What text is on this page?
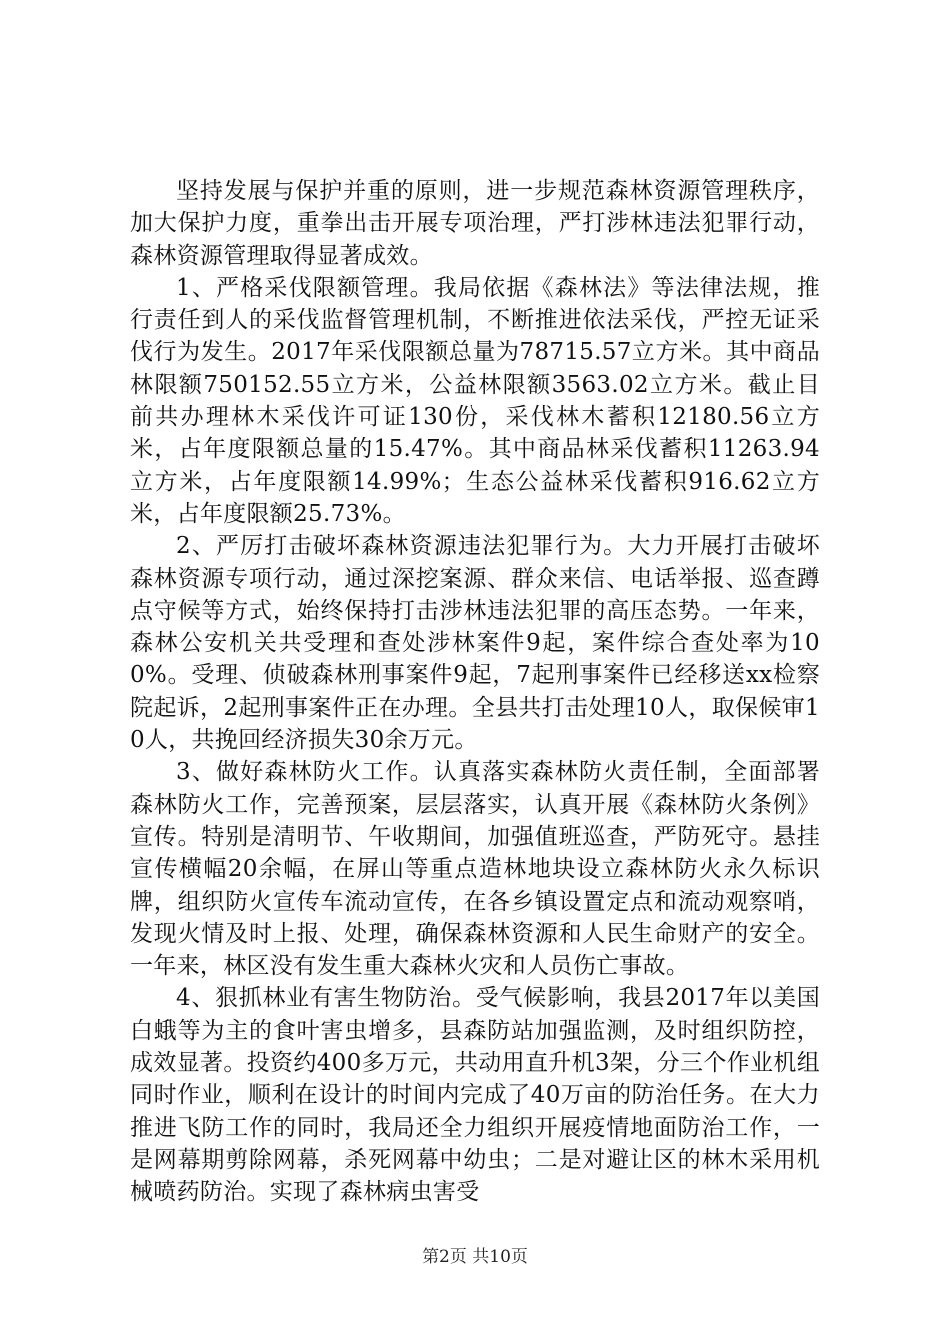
坚持发展与保护并重的原则，进一步规范森林资源管理秩序，加大保护力度，重拳出击开展专项治理，严打涉林违法犯罪行动，森林资源管理取得显著成效。

1、严格采伐限额管理。我局依据《森林法》等法律法规，推行责任到人的采伐监督管理机制，不断推进依法采伐，严控无证采伐行为发生。2017年采伐限额总量为78715.57立方米。其中商品林限额750152.55立方米，公益林限额3563.02立方米。截止目前共办理林木采伐许可证130份，采伐林木蓄积12180.56立方米，占年度限额总量的15.47%。其中商品林采伐蓄积11263.94立方米，占年度限额14.99%；生态公益林采伐蓄积916.62立方米，占年度限额25.73%。

2、严厉打击破坏森林资源违法犯罪行为。大力开展打击破坏森林资源专项行动，通过深挖案源、群众来信、电话举报、巡查蹲点守候等方式，始终保持打击涉林违法犯罪的高压态势。一年来，森林公安机关共受理和查处涉林案件9起，案件综合查处率为100%。受理、侦破森林刑事案件9起，7起刑事案件已经移送xx检察院起诉，2起刑事案件正在办理。全县共打击处理10人，取保候审10人，共挽回经济损失30余万元。

3、做好森林防火工作。认真落实森林防火责任制，全面部署森林防火工作，完善预案，层层落实，认真开展《森林防火条例》宣传。特别是清明节、午收期间，加强值班巡查，严防死守。悬挂宣传横幅20余幅，在屏山等重点造林地块设立森林防火永久标识牌，组织防火宣传车流动宣传，在各乡镇设置定点和流动观察哨，发现火情及时上报、处理，确保森林资源和人民生命财产的安全。一年来，林区没有发生重大森林火灾和人员伤亡事故。

4、狠抓林业有害生物防治。受气候影响，我县2017年以美国白蛾等为主的食叶害虫增多，县森防站加强监测，及时组织防控，成效显著。投资约400多万元，共动用直升机3架，分三个作业机组同时作业，顺利在设计的时间内完成了40万亩的防治任务。在大力推进飞防工作的同时，我局还全力组织开展疫情地面防治工作，一是网幕期剪除网幕，杀死网幕中幼虫；二是对避让区的林木采用机械喷药防治。实现了森林病虫害受

第2页 共10页
